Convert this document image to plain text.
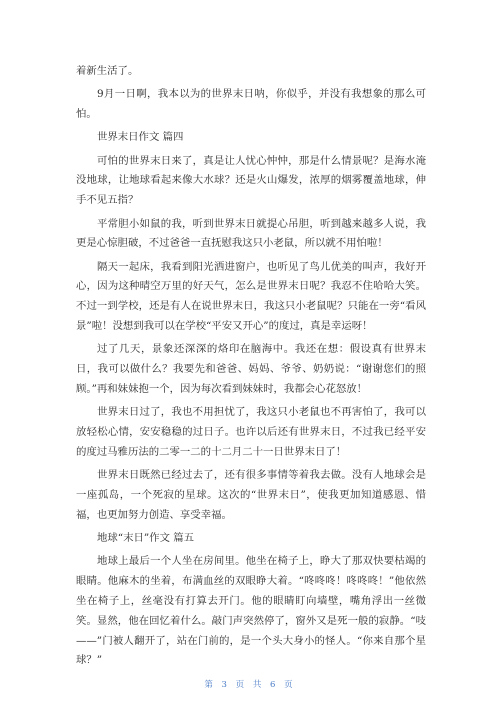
着新生活了。

9月一日啊，我本以为的世界末日呐，你似乎，并没有我想象的那么可怕。

世界末日作文 篇四

可怕的世界末日来了，真是让人忧心忡忡，那是什么情景呢？是海水淹没地球，让地球看起来像大水球？还是火山爆发，浓厚的烟雾覆盖地球，伸手不见五指？

平常胆小如鼠的我，听到世界末日就提心吊胆，听到越来越多人说，我更是心惊胆破，不过爸爸一直抚慰我这只小老鼠，所以就不用怕啦！

隔天一起床，我看到阳光洒进窗户，也听见了鸟儿优美的叫声，我好开心，因为这种晴空万里的好天气，怎么是世界末日呢？我忍不住哈哈大笑。不过一到学校，还是有人在说世界末日，我这只小老鼠呢？只能在一旁“看风景”啦！没想到我可以在学校“平安又开心”的度过，真是幸运呀！

过了几天，景象还深深的烙印在脑海中。我还在想：假设真有世界末日，我可以做什么？我要先和爸爸、妈妈、爷爷、奶奶说：“谢谢您们的照顾。”再和妹妹抱一个，因为每次看到妹妹时，我都会心花怒放！

世界末日过了，我也不用担忧了，我这只小老鼠也不再害怕了，我可以放轻松心情，安安稳稳的过日子。也许以后还有世界末日，不过我已经平安的度过马雅历法的二零一二的十二月二十一日世界末日了！

世界末日既然已经过去了，还有很多事情等着我去做。没有人地球会是一座孤岛，一个死寂的星球。这次的“世界末日”，使我更加知道感恩、惜福，也更加努力创造、享受幸福。

地球“末日”作文 篇五

地球上最后一个人坐在房间里。他坐在椅子上，睁大了那双快要枯竭的眼睛。他麻木的坐着，布满血丝的双眼睁大着。“咚咚咚！咚咚咚！”他依然坐在椅子上，丝毫没有打算去开门。他的眼睛盯向墙壁，嘴角浮出一丝微笑。显然，他在回忆着什么。敲门声突然停了，窗外又是死一般的寂静。“吱——”门被人翻开了，站在门前的，是一个头大身小的怪人。“你来自那个星球？”

第 3 页 共 6 页
